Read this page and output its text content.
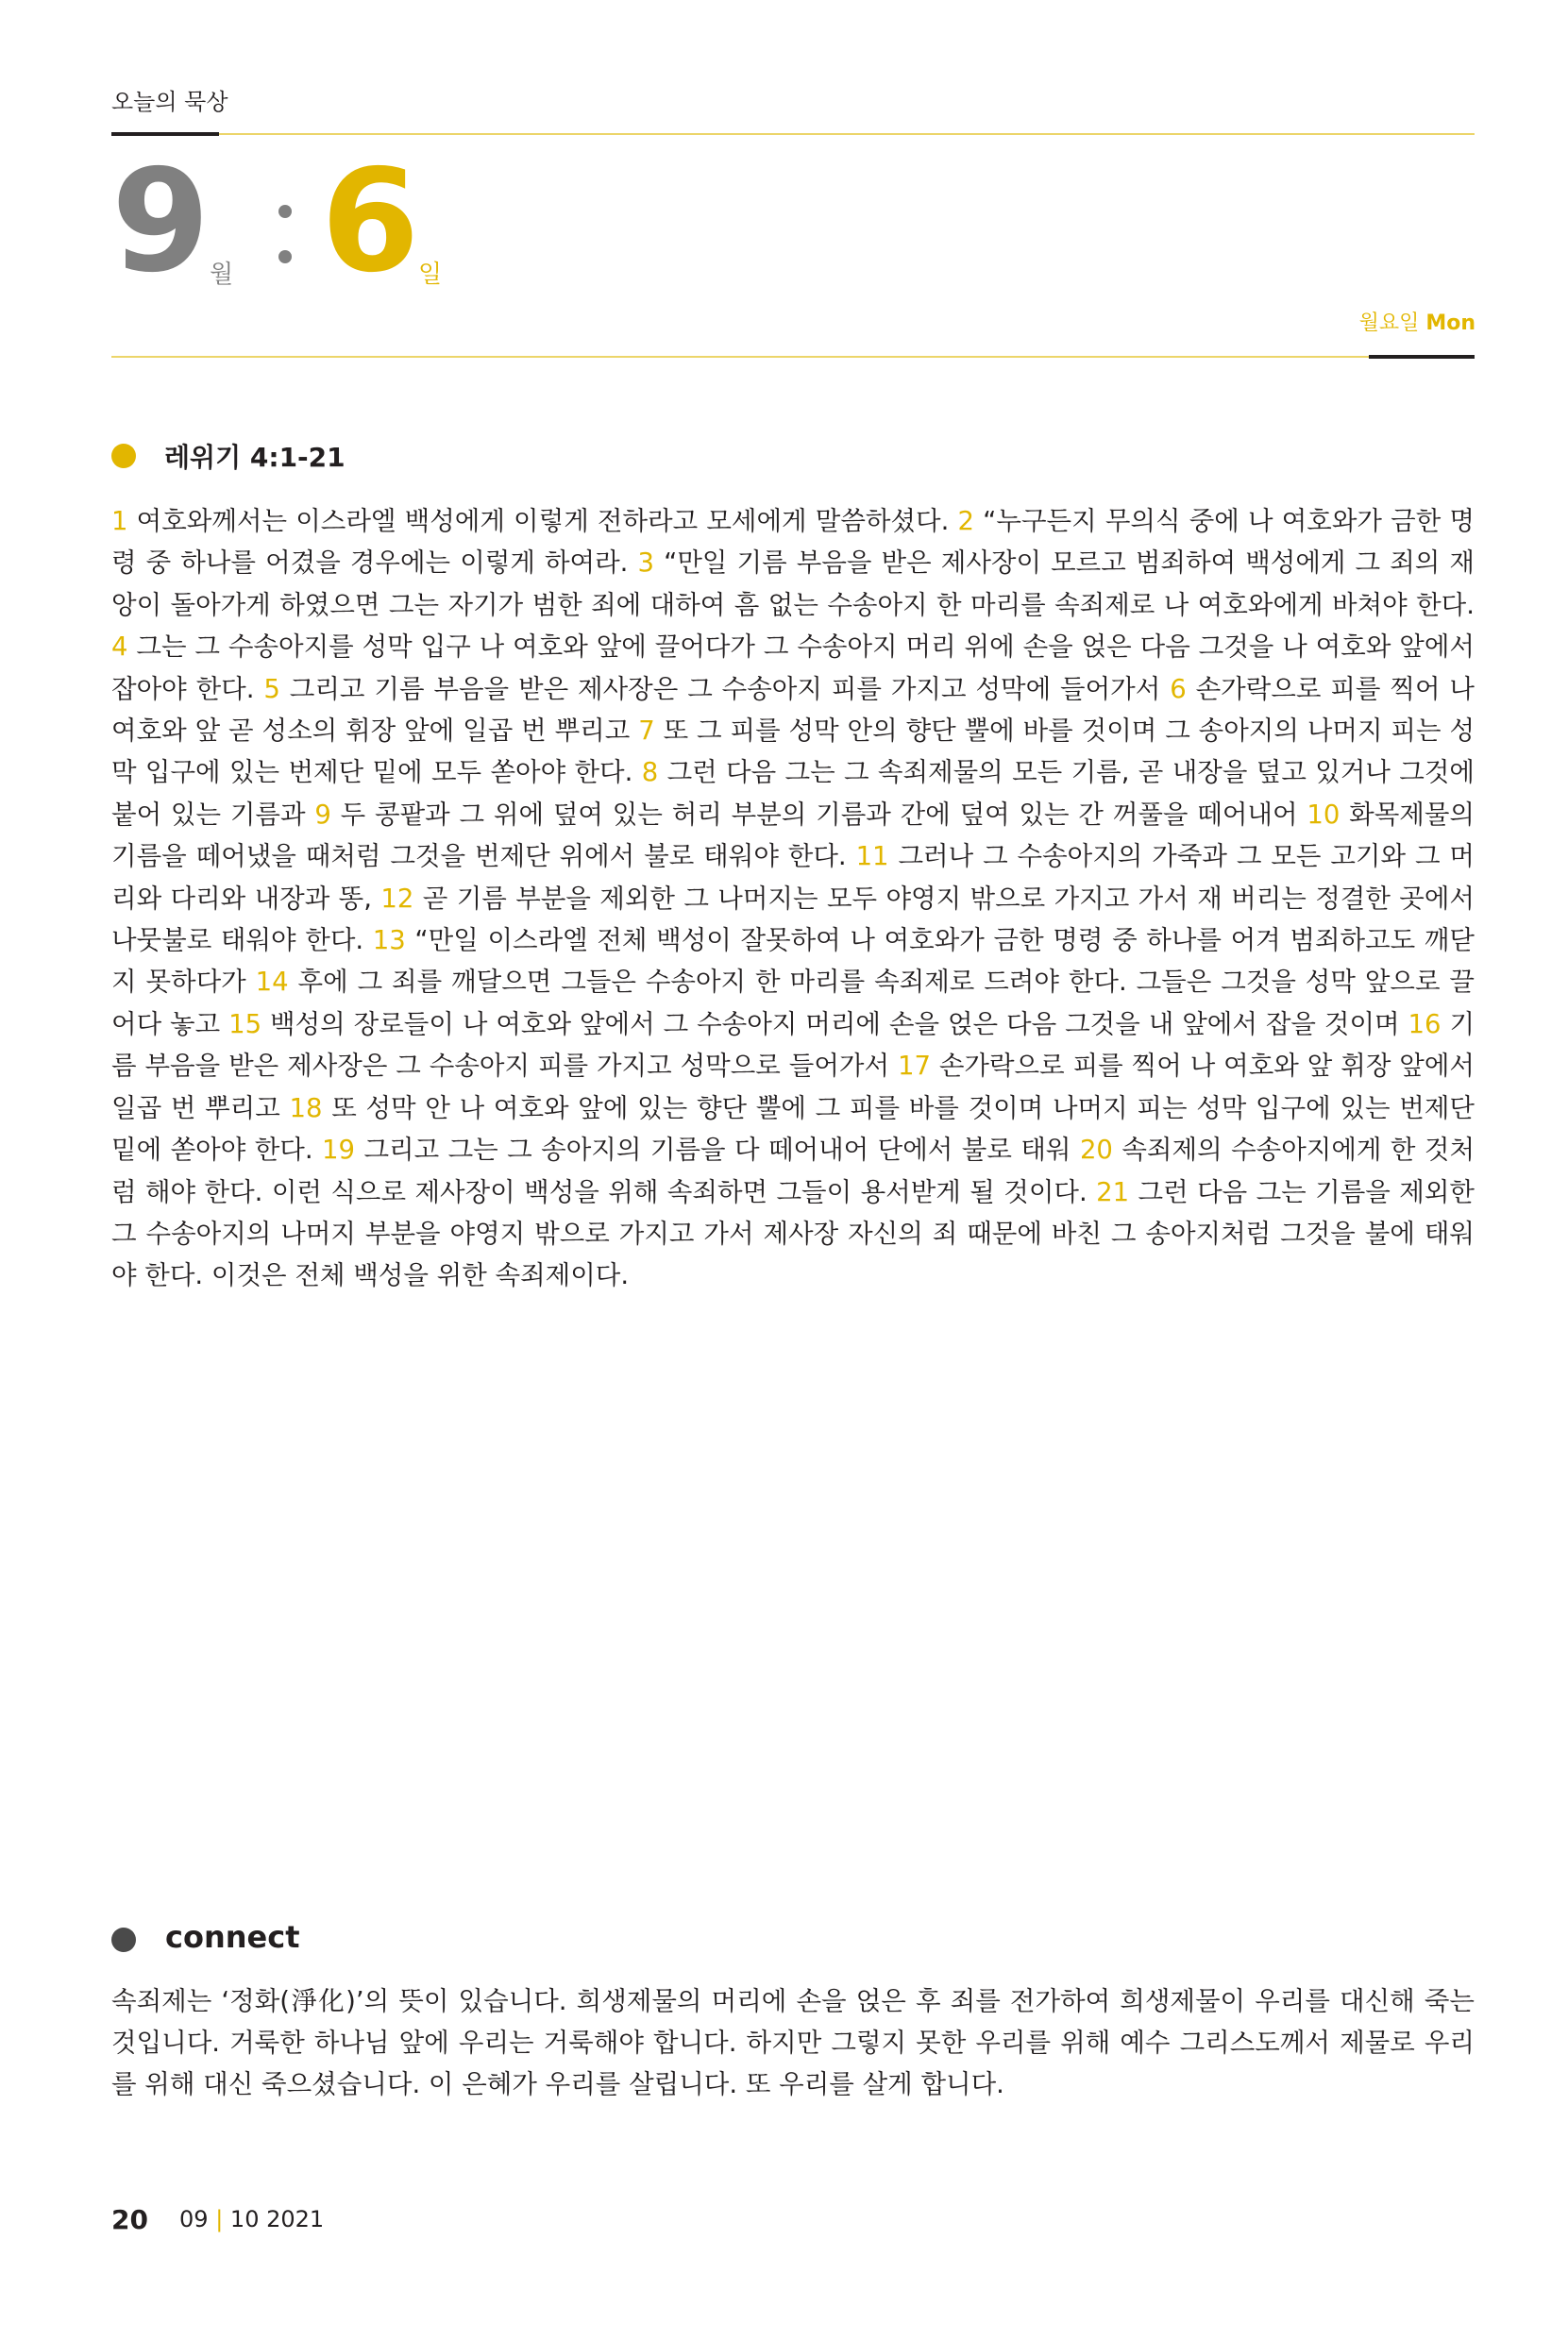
오늘의 묵상
9 월 6
일
월요일 Mon
레위기 4:1-21

1 여호와께서는 이스라엘 백성에게 이렇게 전하라고 모세에게 말씀하셨다. 2 “누구든지 무의식 중에 나 여호와가 금한 명령 중 하나를 어겼을 경우에는 이렇게 하여라. 3 “만일 기름 부음을 받은 제사장이 모르고 범죄하여 백성에게 그 죄의 재앙이 돌아가게 하였으면 그는 자기가 범한 죄에 대하여 흠 없는 수송아지 한 마리를 속죄제로 나 여호와에게 바쳐야 한다. 4 그는 그 수송아지를 성막 입구 나 여호와 앞에 끌어다가 그 수송아지 머리 위에 손을 얹은 다음 그것을 나 여호와 앞에서 잡아야 한다. 5 그리고 기름 부음을 받은 제사장은 그 수송아지 피를 가지고 성막에 들어가서 6 손가락으로 피를 찍어 나 여호와 앞 곧 성소의 휘장 앞에 일곱 번 뿌리고 7 또 그 피를 성막 안의 향단 뿔에 바를 것이며 그 송아지의 나머지 피는 성막 입구에 있는 번제단 밑에 모두 쏟아야 한다. 8 그런 다음 그는 그 속죄제물의 모든 기름, 곧 내장을 덮고 있거나 그것에 붙어 있는 기름과 9 두 콩팥과 그 위에 덮여 있는 허리 부분의 기름과 간에 덮여 있는 간 꺼풀을 떼어내어 10 화목제물의 기름을 떼어냈을 때처럼 그것을 번제단 위에서 불로 태워야 한다. 11 그러나 그 수송아지의 가죽과 그 모든 고기와 그 머리와 다리와 내장과 똥, 12 곧 기름 부분을 제외한 그 나머지는 모두 야영지 밖으로 가지고 가서 재 버리는 정결한 곳에서 나뭇불로 태워야 한다. 13 “만일 이스라엘 전체 백성이 잘못하여 나 여호와가 금한 명령 중 하나를 어겨 범죄하고도 깨닫지 못하다가 14 후에 그 죄를 깨달으면 그들은 수송아지 한 마리를 속죄제로 드려야 한다. 그들은 그것을 성막 앞으로 끌어다 놓고 15 백성의 장로들이 나 여호와 앞에서 그 수송아지 머리에 손을 얹은 다음 그것을 내 앞에서 잡을 것이며 16 기름 부음을 받은 제사장은 그 수송아지 피를 가지고 성막으로 들어가서 17 손가락으로 피를 찍어 나 여호와 앞 휘장 앞에서 일곱 번 뿌리고 18 또 성막 안 나 여호와 앞에 있는 향단 뿔에 그 피를 바를 것이며 나머지 피는 성막 입구에 있는 번제단 밑에 쏟아야 한다. 19 그리고 그는 그 송아지의 기름을 다 떼어내어 단에서 불로 태워 20 속죄제의 수송아지에게 한 것처럼 해야 한다. 이런 식으로 제사장이 백성을 위해 속죄하면 그들이 용서받게 될 것이다. 21 그런 다음 그는 기름을 제외한 그 수송아지의 나머지 부분을 야영지 밖으로 가지고 가서 제사장 자신의 죄 때문에 바친 그 송아지처럼 그것을 불에 태워야 한다. 이것은 전체 백성을 위한 속죄제이다.

connect

속죄제는 ‘정화(淨化)’의 뜻이 있습니다. 희생제물의 머리에 손을 얹은 후 죄를 전가하여 희생제물이 우리를 대신해 죽는 것입니다. 거룩한 하나님 앞에 우리는 거룩해야 합니다. 하지만 그렇지 못한 우리를 위해 예수 그리스도께서 제물로 우리를 위해 대신 죽으셨습니다. 이 은혜가 우리를 살립니다. 또 우리를 살게 합니다.

20 09 | 10 2021
